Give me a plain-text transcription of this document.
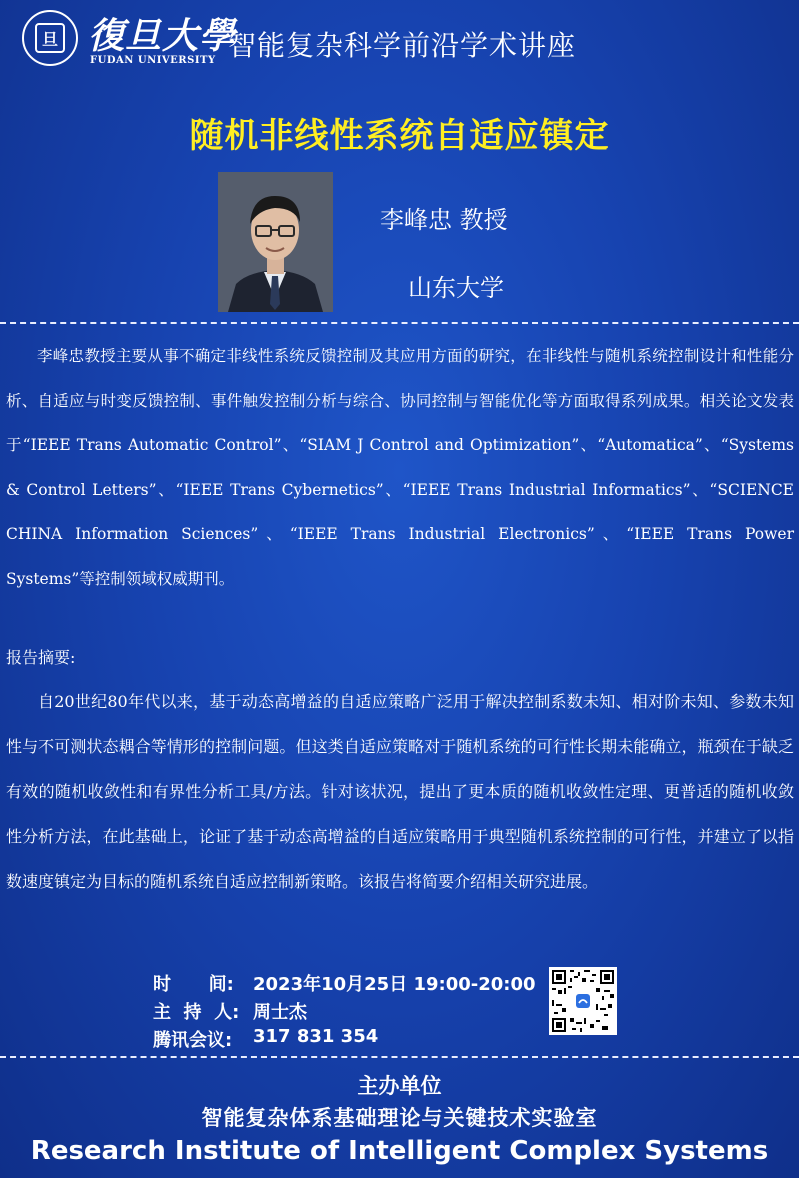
旦 復旦大學
FUDAN UNIVERSITY 智能复杂科学前沿学术讲座
随机非线性系统自适应镇定
李峰忠 教授
山东大学
李峰忠教授主要从事不确定非线性系统反馈控制及其应用方面的研究，在非线性与随机系统控制设计和性能分析、自适应与时变反馈控制、事件触发控制分析与综合、协同控制与智能优化等方面取得系列成果。相关论文发表于“IEEE Trans Automatic Control”、“SIAM J Control and Optimization”、“Automatica”、“Systems & Control Letters”、“IEEE Trans Cybernetics”、“IEEE Trans Industrial Informatics”、“SCIENCE CHINA Information Sciences”、“IEEE Trans Industrial Electronics”、“IEEE Trans Power Systems”等控制领域权威期刊。
报告摘要:
自20世纪80年代以来，基于动态高增益的自适应策略广泛用于解决控制系数未知、相对阶未知、参数未知性与不可测状态耦合等情形的控制问题。但这类自适应策略对于随机系统的可行性长期未能确立，瓶颈在于缺乏有效的随机收敛性和有界性分析工具/方法。针对该状况，提出了更本质的随机收敛性定理、更普适的随机收敛性分析方法，在此基础上，论证了基于动态高增益的自适应策略用于典型随机系统控制的可行性，并建立了以指数速度镇定为目标的随机系统自适应控制新策略。该报告将简要介绍相关研究进展。
时      间:	2023年10月25日 19:00-20:00
主  持  人: 周士杰
腾讯会议:	317 831 354
主办单位
智能复杂体系基础理论与关键技术实验室
Research Institute of Intelligent Complex Systems
